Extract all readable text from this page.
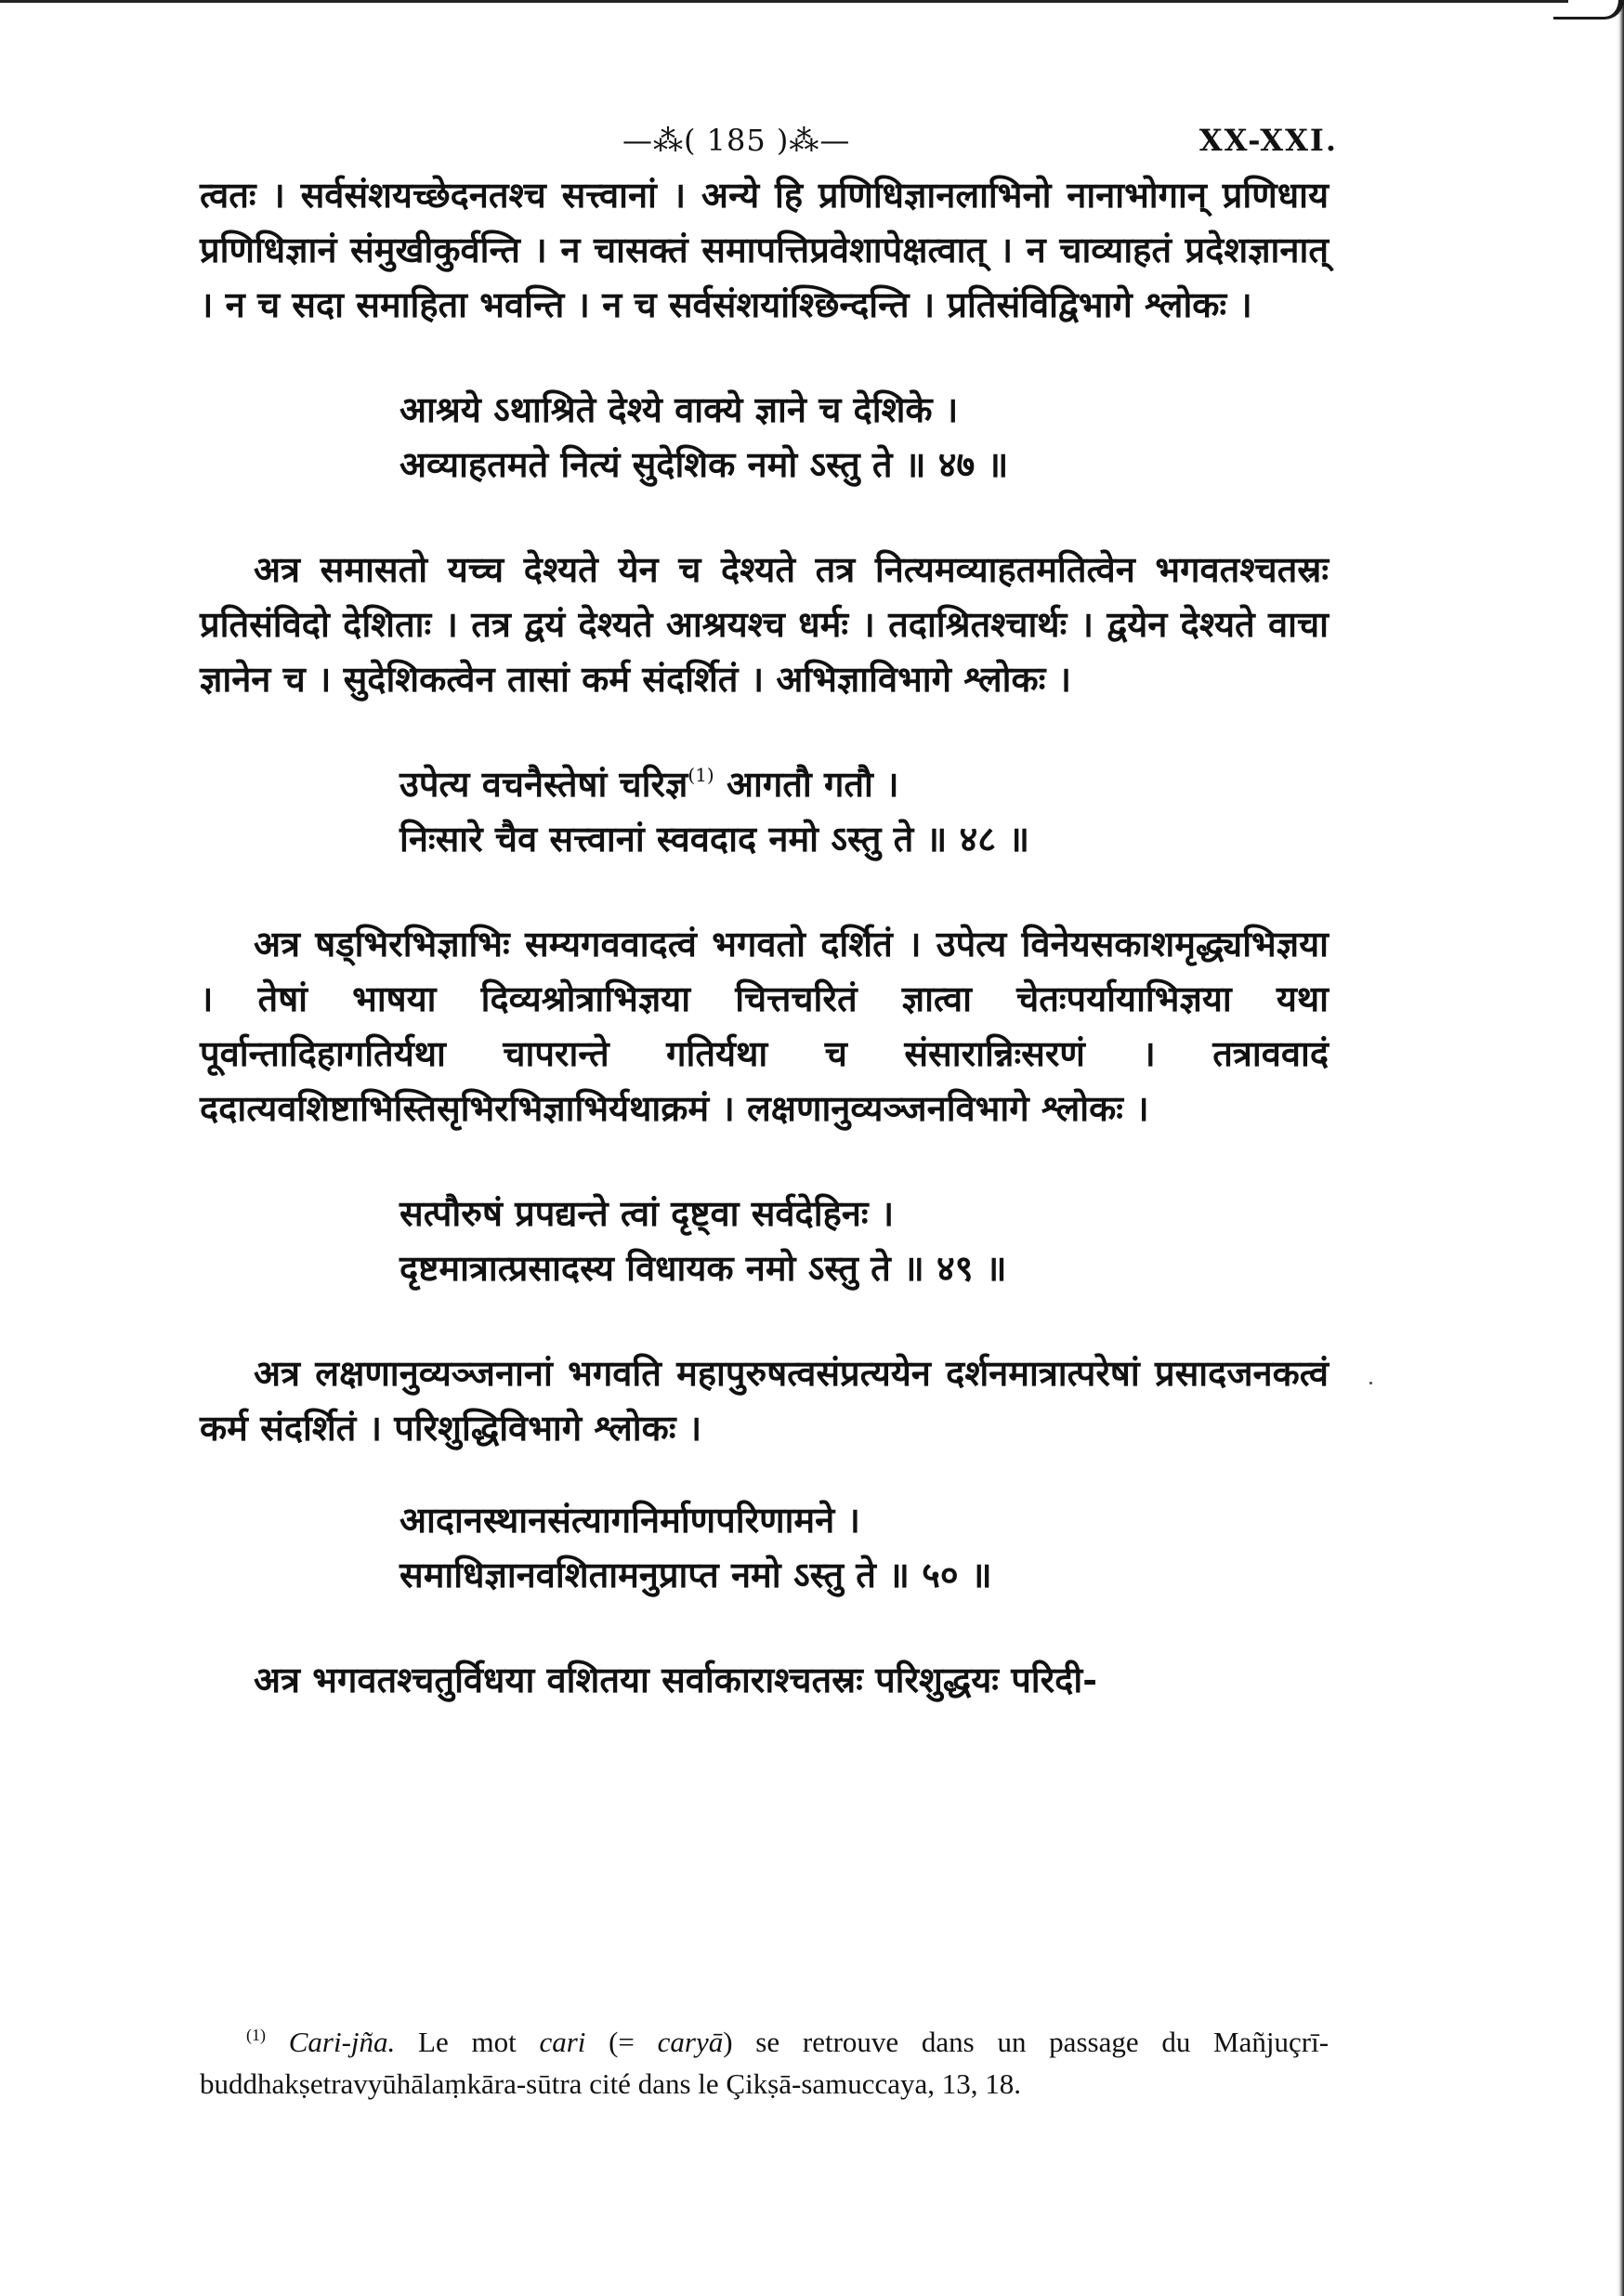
—⁂( 185 )⁂—	XX-XXI.

त्वतः । सर्वसंशयच्छेदनतश्च सत्त्वानां । अन्ये हि प्रणिधिज्ञानलाभिनो नानाभोगान् प्रणिधाय प्रणिधिज्ञानं संमुखीकुर्वन्ति । न चासक्तं समापत्तिप्रवेशापेक्षत्वात् । न चाव्याहतं प्रदेशज्ञानात् । न च सदा समाहिता भवन्ति । न च सर्वसंशयांश्छिन्दन्ति । प्रतिसंविद्विभागे श्लोकः ।

आश्रये ऽथाश्रिते देश्ये वाक्ये ज्ञाने च देशिके ।
अव्याहतमते नित्यं सुदेशिक नमो ऽस्तु ते ॥ ४७ ॥

अत्र समासतो यच्च देश्यते येन च देश्यते तत्र नित्यमव्याहतमतित्वेन भगवतश्चतस्रः प्रतिसंविदो देशिताः । तत्र द्वयं देश्यते आश्रयश्च धर्मः । तदाश्रितश्चार्थः । द्वयेन देश्यते वाचा ज्ञानेन च । सुदेशिकत्वेन तासां कर्म संदर्शितं । अभिज्ञाविभागे श्लोकः ।

उपेत्य वचनैस्तेषां चरिज्ञ$^{(1)}$ आगतौ गतौ ।
निःसारे चैव सत्त्वानां स्ववदाद नमो ऽस्तु ते ॥ ४८ ॥

अत्र षड्भिरभिज्ञाभिः सम्यगववादत्वं भगवतो दर्शितं । उपेत्य विनेयसकाशमृद्ध्यभिज्ञया । तेषां भाषया दिव्यश्रोत्राभिज्ञया चित्तचरितं ज्ञात्वा चेतःपर्यायाभिज्ञया यथा पूर्वान्तादिहागतिर्यथा चापरान्ते गतिर्यथा च संसारान्निःसरणं । तत्राववादं ददात्यवशिष्टाभिस्तिसृभिरभिज्ञाभिर्यथाक्रमं । लक्षणानुव्यञ्जनविभागे श्लोकः ।

सत्पौरुषं प्रपद्यन्ते त्वां दृष्ट्वा सर्वदेहिनः ।
दृष्टमात्रात्प्रसादस्य विधायक नमो ऽस्तु ते ॥ ४९ ॥

अत्र लक्षणानुव्यञ्जनानां भगवति महापुरुषत्वसंप्रत्ययेन दर्शनमात्रात्परेषां प्रसादजनकत्वं कर्म संदर्शितं । परिशुद्धिविभागे श्लोकः ।

आदानस्थानसंत्यागनिर्माणपरिणामने ।
समाधिज्ञानवशितामनुप्राप्त नमो ऽस्तु ते ॥ ५० ॥

अत्र भगवतश्चतुर्विधया वशितया सर्वाकाराश्चतस्रः परिशुद्धयः परिदी-

$^{(1)}$ Cari-jña. Le mot cari (= caryā) se retrouve dans un passage du Mañjuçrī-buddhakṣetravyūhālaṃkāra-sūtra cité dans le Çikṣā-samuccaya, 13, 18.
